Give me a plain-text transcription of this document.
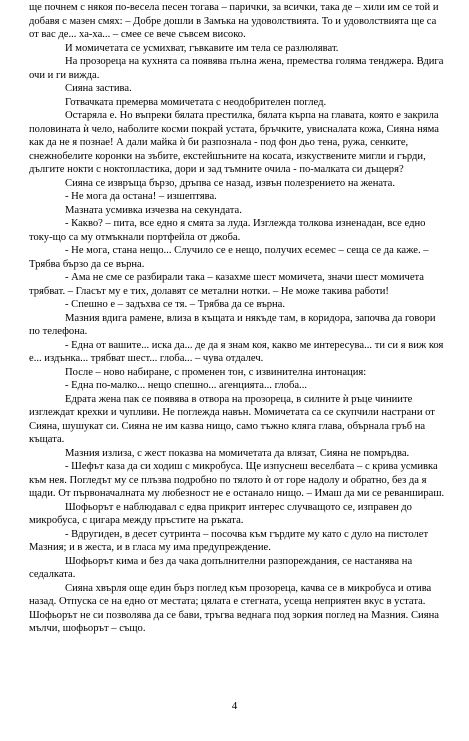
ще почнем с някоя по-весела песен тогава – парички, за всички, така де – хили им се той и добавя с мазен смях: – Добре дошли в Замъка на удоволствията. То и удоволствията ще са от вас де... ха-ха... – смее се вече съвсем високо.

И момичетата се усмихват, гъвкавите им тела се разлюляват.

На прозореца на кухнята са появява пълна жена, премества голяма тенджера. Вдига очи и ги вижда.

Сияна застива.

Готвачката премерва момичетата с неодобрителен поглед.

Остаряла е. Но въпреки бялата престилка, бялата кърпа на главата, която е закрила половината ѝ чело, наболите косми покрай устата, бръчките, увисналата кожа, Сияна няма как да не я познае! А дали майка ѝ би разпознала - под фон дьо тена, ружа, сенките, снежнобелите коронки на зъбите, екстейшъните на косата, изкуствените мигли и гърди, дългите нокти с ноктопластика, дори и зад тъмните очила - по-малката си дъщеря?

Сияна се извръща бързо, дръпва се назад, извън полезрението на жената.

- Не мога да остана! – изшептява.

Мазната усмивка изчезва на секундата.

- Какво? – пита, все едно я смята за луда. Изглежда толкова изненадан, все едно току-що са му отмъкнали портфейла от джоба.

- Не мога, стана нещо... Случило се е нещо, получих есемес – сеща се да каже. – Трябва бързо да се върна.

- Ама не сме се разбирали така – казахме шест момичета, значи шест момичета трябват. – Гласът му е тих, долавят се метални нотки. – Не може такива работи!

- Спешно е – задъхва се тя. – Трябва да се върна.

Мазния вдига рамене, влиза в къщата и някъде там, в коридора, започва да говори по телефона.

- Една от вашите... иска да... де да я знам коя, какво ме интересува... ти си я виж коя е... издънка... трябват шест... глоба... – чува отдалеч.

После – ново набиране, с променен тон, с извинителна интонация:

- Една по-малко... нещо спешно... агенцията... глоба...

Едрата жена пак се появява в отвора на прозореца, в силните ѝ ръце чиниите изглеждат крехки и чупливи. Не поглежда навън. Момичетата са се скупчили настрани от Сияна, шушукат си. Сияна не им казва нищо, само тъжно кляга глава, обърнала гръб на къщата.

Мазния излиза, с жест показва на момичетата да влязат, Сияна не помръдва.

- Шефът каза да си ходиш с микробуса. Ще изпуснеш веселбата – с крива усмивка към нея. Погледът му се плъзва подробно по тялото ѝ от горе надолу и обратно, без да я щади. От първоначалната му любезност не е останало нищо. – Имаш да ми се реваншираш.

Шофьорът е наблюдавал с едва прикрит интерес случващото се, изправен до микробуса, с цигара между пръстите на ръката.

- Вдругиден, в десет сутринта – посочва към гърдите му като с дуло на пистолет Мазния; и в жеста, и в гласа му има предупреждение.

Шофьорът кима и без да чака допълнителни разпореждания, се настанява на седалката.

Сияна хвърля още един бърз поглед към прозореца, качва се в микробуса и отива назад. Отпуска се на едно от местата; цялата е стегната, усеща неприятен вкус в устата. Шофьорът не си позволява да се бави, тръгва веднага под зоркия поглед на Мазния. Сияна мълчи, шофьорът – също.

4
